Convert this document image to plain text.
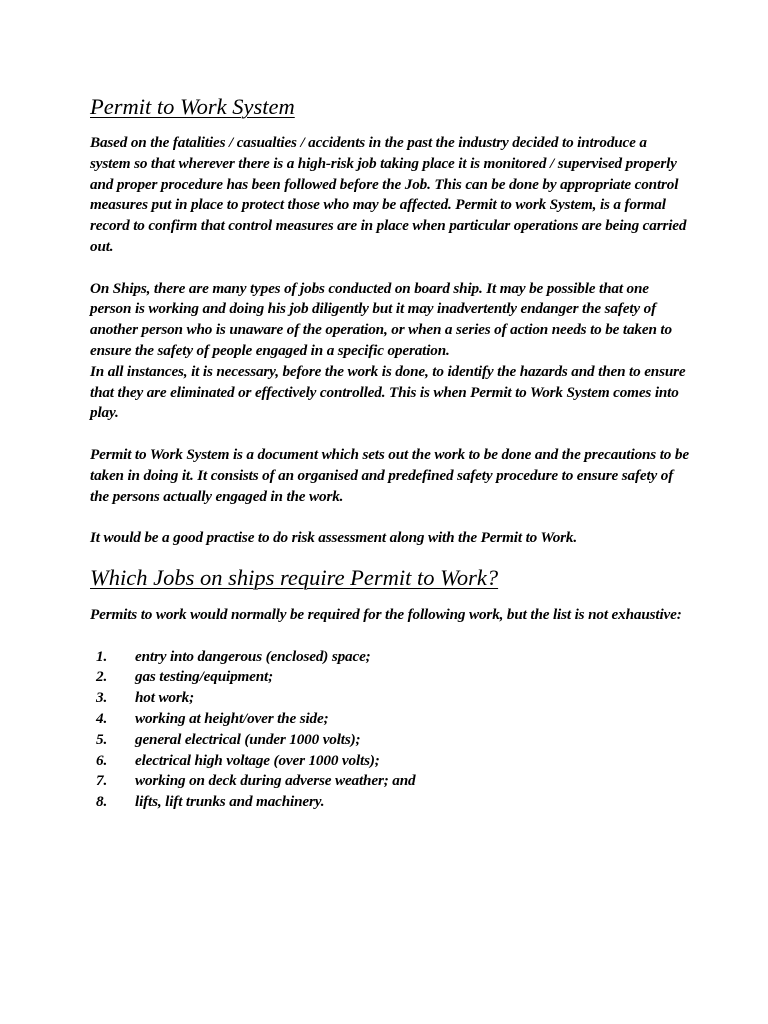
Permit to Work System

Based on the fatalities / casualties / accidents in the past the industry decided to introduce a system so that wherever there is a high-risk job taking place it is monitored / supervised properly and proper procedure has been followed before the Job. This can be done by appropriate control measures put in place to protect those who may be affected. Permit to work System, is a formal record to confirm that control measures are in place when particular operations are being carried out.

On Ships, there are many types of jobs conducted on board ship. It may be possible that one person is working and doing his job diligently but it may inadvertently endanger the safety of another person who is unaware of the operation, or when a series of action needs to be taken to ensure the safety of people engaged in a specific operation.

In all instances, it is necessary, before the work is done, to identify the hazards and then to ensure that they are eliminated or effectively controlled. This is when Permit to Work System comes into play.

Permit to Work System is a document which sets out the work to be done and the precautions to be taken in doing it. It consists of an organised and predefined safety procedure to ensure safety of the persons actually engaged in the work.

It would be a good practise to do risk assessment along with the Permit to Work.

Which Jobs on ships require Permit to Work?

Permits to work would normally be required for the following work, but the list is not exhaustive:

1.	entry into dangerous (enclosed) space;
2.	gas testing/equipment;
3.	hot work;
4.	working at height/over the side;
5.	general electrical (under 1000 volts);
6.	electrical high voltage (over 1000 volts);
7.	working on deck during adverse weather; and
8.	lifts, lift trunks and machinery.
